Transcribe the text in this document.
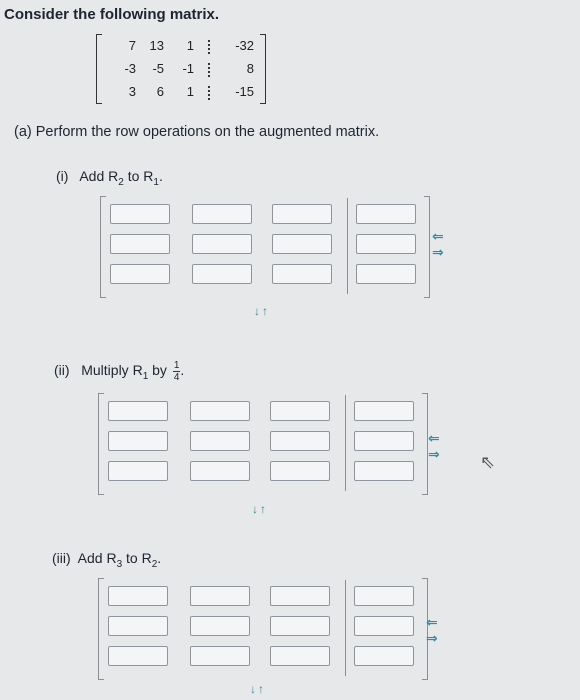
Consider the following matrix.
7	13	1	-32
-3	-5	-1	8
3	6	1	-15
(a) Perform the row operations on the augmented matrix.
(i) Add $R_2$ to $R_1$.
⇐
⇒
↓↑
(ii) Multiply $R_1$ by $\frac{1}{4}$.
⇐
⇒
↓↑
⇖
(iii) Add $R_3$ to $R_2$.
⇐
⇒
↓↑
